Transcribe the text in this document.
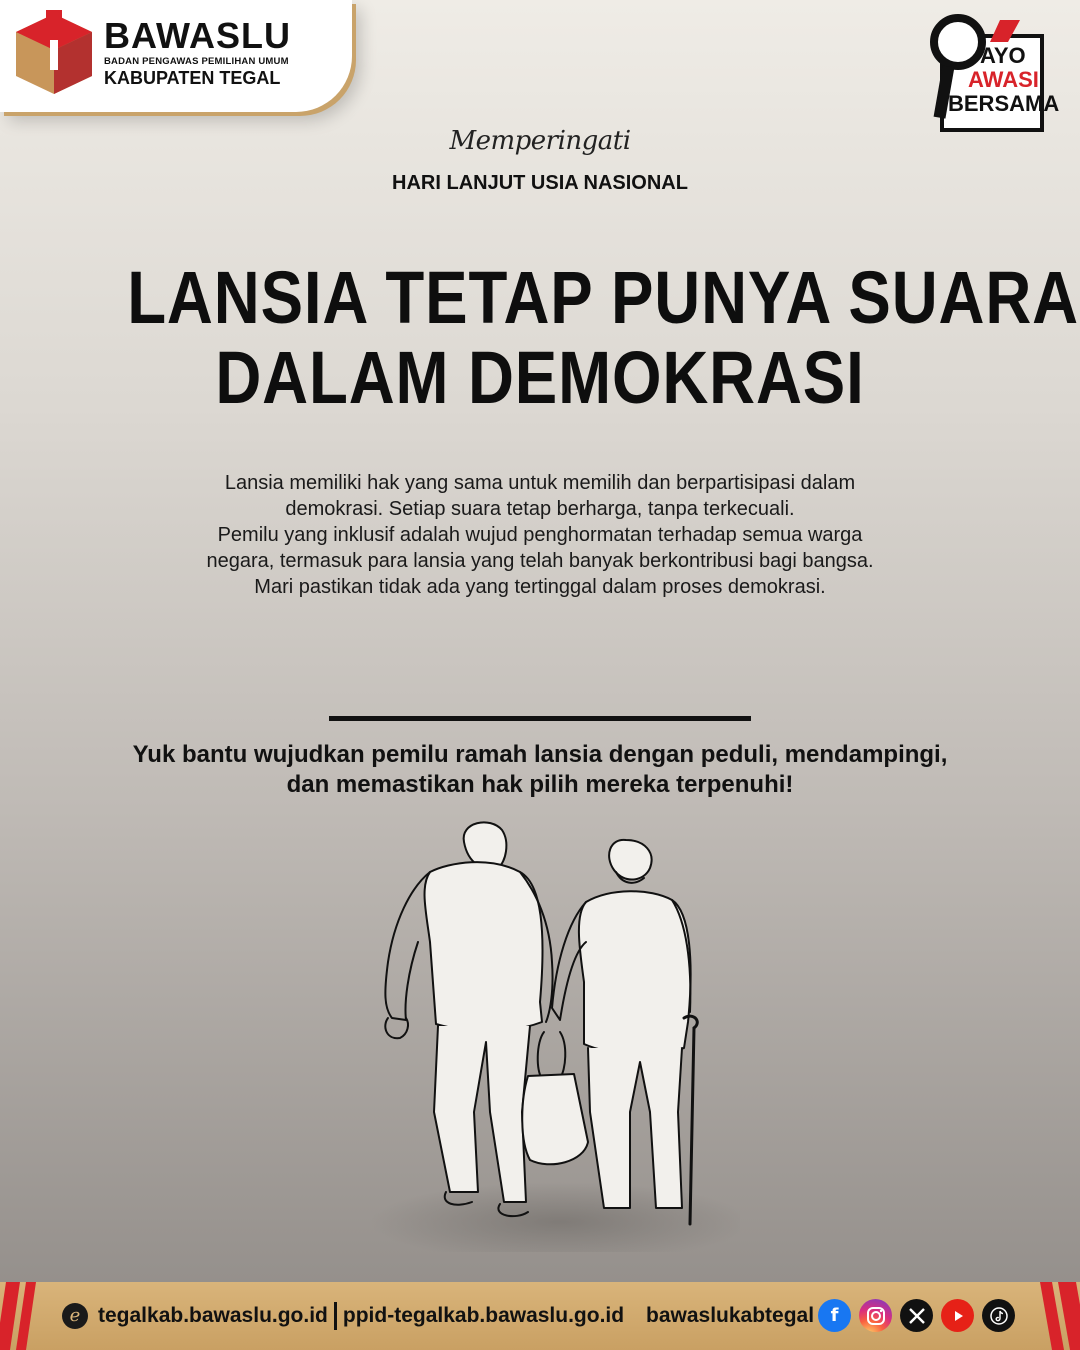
BAWASLU
BADAN PENGAWAS PEMILIHAN UMUM
KABUPATEN TEGAL
AYO
AWASI
BERSAMA
Memperingati
HARI LANJUT USIA NASIONAL
LANSIA TETAP PUNYA SUARA
DALAM DEMOKRASI

Lansia memiliki hak yang sama untuk memilih dan berpartisipasi dalam demokrasi. Setiap suara tetap berharga, tanpa terkecuali.

Pemilu yang inklusif adalah wujud penghormatan terhadap semua warga negara, termasuk para lansia yang telah banyak berkontribusi bagi bangsa. Mari pastikan tidak ada yang tertinggal dalam proses demokrasi.

Yuk bantu wujudkan pemilu ramah lansia dengan peduli, mendampingi, dan memastikan hak pilih mereka terpenuhi!
e tegalkab.bawaslu.go.id ppid-tegalkab.bawaslu.go.id bawaslukabtegal f
